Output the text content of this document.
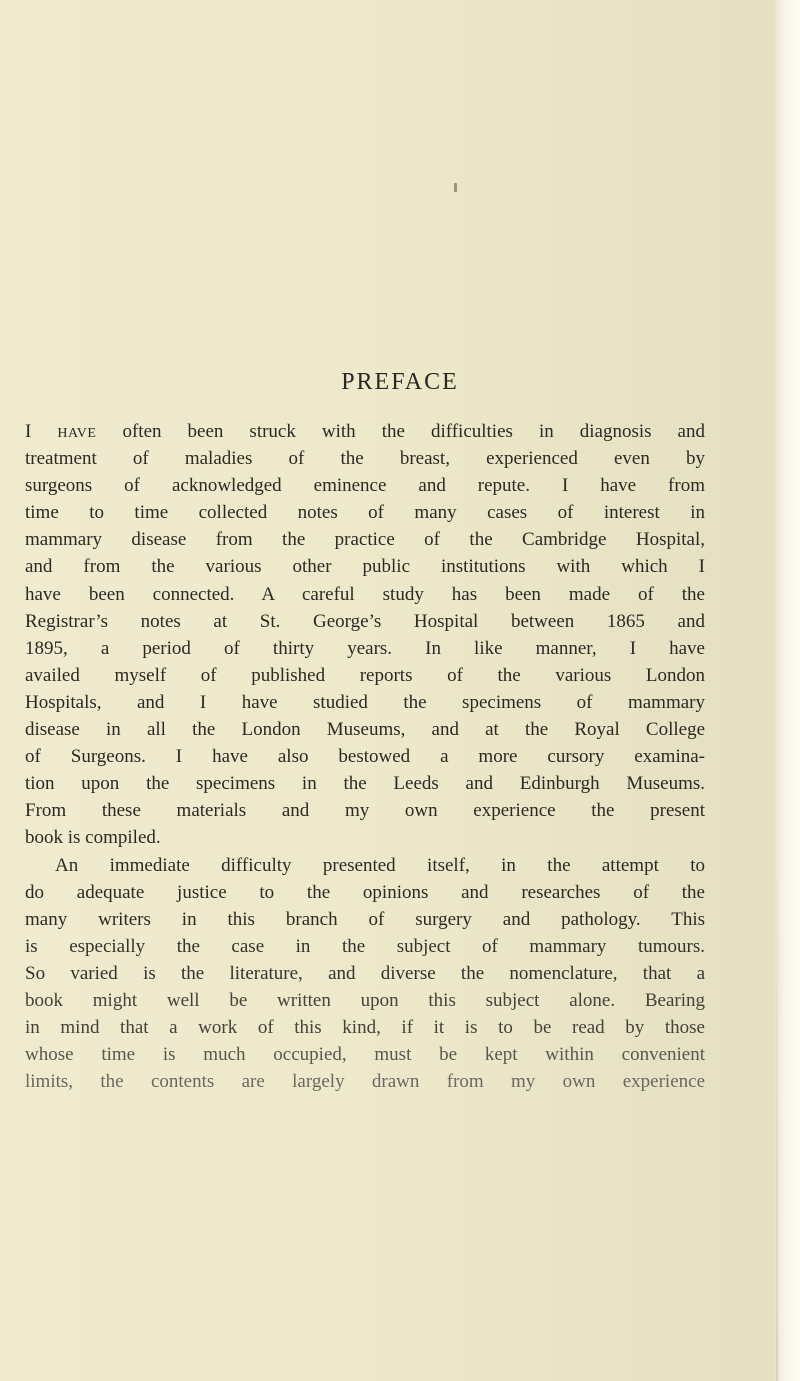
PREFACE
I HAVE often been struck with the difficulties in diagnosis and
treatment of maladies of the breast, experienced even by
surgeons of acknowledged eminence and repute. I have from
time to time collected notes of many cases of interest in
mammary disease from the practice of the Cambridge Hospital,
and from the various other public institutions with which I
have been connected. A careful study has been made of the
Registrar’s notes at St. George’s Hospital between 1865 and
1895, a period of thirty years. In like manner, I have
availed myself of published reports of the various London
Hospitals, and I have studied the specimens of mammary
disease in all the London Museums, and at the Royal College
of Surgeons. I have also bestowed a more cursory examina-
tion upon the specimens in the Leeds and Edinburgh Museums.
From these materials and my own experience the present
book is compiled.
An immediate difficulty presented itself, in the attempt to
do adequate justice to the opinions and researches of the
many writers in this branch of surgery and pathology. This
is especially the case in the subject of mammary tumours.
So varied is the literature, and diverse the nomenclature, that a
book might well be written upon this subject alone. Bearing
in mind that a work of this kind, if it is to be read by those
whose time is much occupied, must be kept within convenient
limits, the contents are largely drawn from my own experience
